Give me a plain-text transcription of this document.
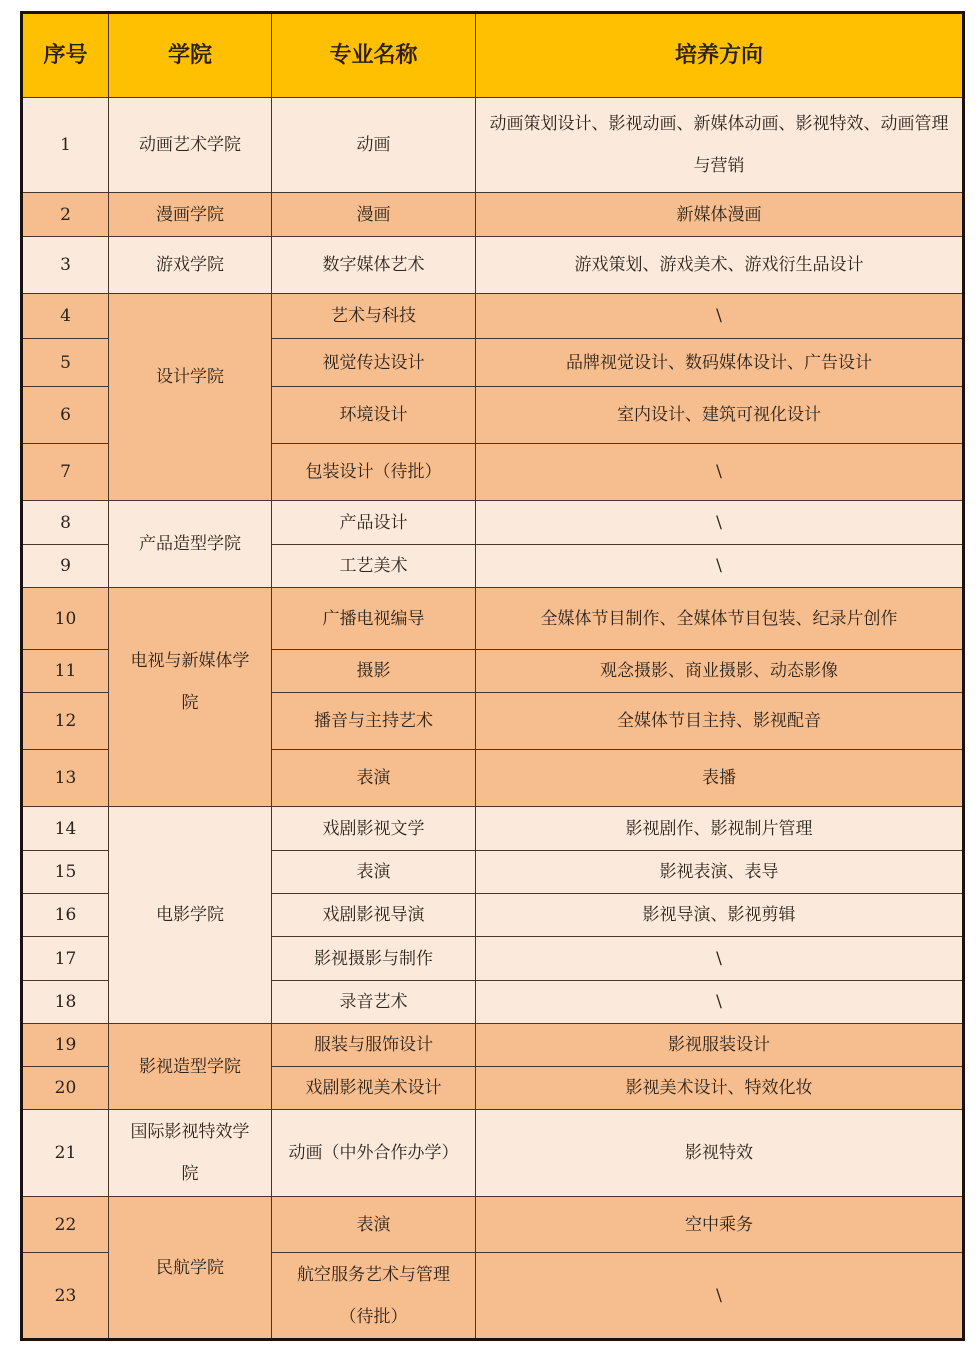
序号	学院	专业名称	培养方向
1	动画艺术学院	动画	动画策划设计、影视动画、新媒体动画、影视特效、动画管理与营销
2	漫画学院	漫画	新媒体漫画
3	游戏学院	数字媒体艺术	游戏策划、游戏美术、游戏衍生品设计
4	设计学院	艺术与科技	\
5		视觉传达设计	品牌视觉设计、数码媒体设计、广告设计
6		环境设计	室内设计、建筑可视化设计
7		包装设计（待批）	\
8	产品造型学院	产品设计	\
9		工艺美术	\
10	电视与新媒体学院	广播电视编导	全媒体节目制作、全媒体节目包装、纪录片创作
11		摄影	观念摄影、商业摄影、动态影像
12		播音与主持艺术	全媒体节目主持、影视配音
13		表演	表播
14	电影学院	戏剧影视文学	影视剧作、影视制片管理
15		表演	影视表演、表导
16		戏剧影视导演	影视导演、影视剪辑
17		影视摄影与制作	\
18		录音艺术	\
19	影视造型学院	服装与服饰设计	影视服装设计
20		戏剧影视美术设计	影视美术设计、特效化妆
21	国际影视特效学院	动画（中外合作办学）	影视特效
22	民航学院	表演	空中乘务
23		航空服务艺术与管理（待批）	\
